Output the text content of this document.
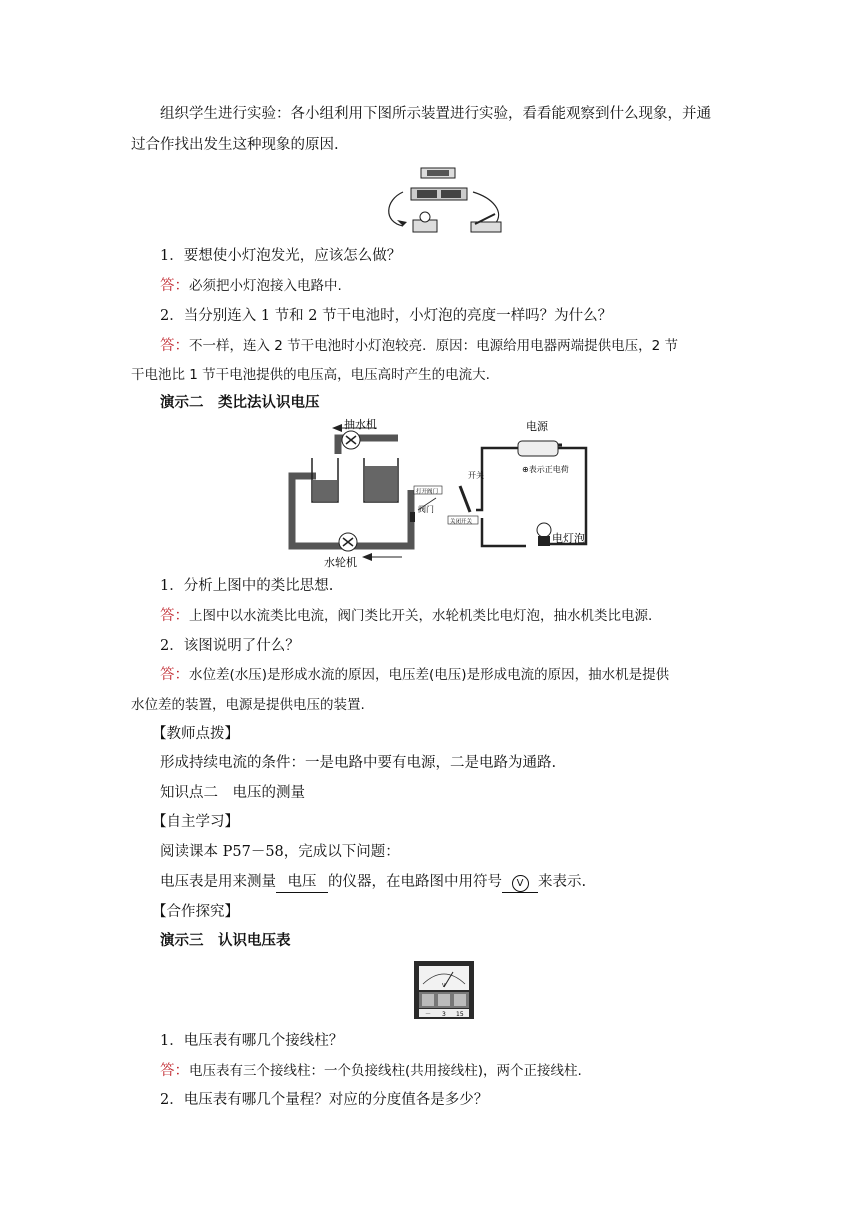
组织学生进行实验：各小组利用下图所示装置进行实验，看看能观察到什么现象，并通
过合作找出发生这种现象的原因.
1．要想使小灯泡发光，应该怎么做？
答：必须把小灯泡接入电路中.
2．当分别连入 1 节和 2 节干电池时，小灯泡的亮度一样吗？为什么？
答：不一样，连入 2 节干电池时小灯泡较亮．原因：电源给用电器两端提供电压，2 节
干电池比 1 节干电池提供的电压高，电压高时产生的电流大.
演示二　类比法认识电压
抽水机
水轮机
阀门
打开阀门
关闭开关
电源
⊕表示正电荷
开关
电灯泡
1．分析上图中的类比思想.
答：上图中以水流类比电流，阀门类比开关，水轮机类比电灯泡，抽水机类比电源.
2．该图说明了什么？
答：水位差(水压)是形成水流的原因，电压差(电压)是形成电流的原因，抽水机是提供
水位差的装置，电源是提供电压的装置.
【教师点拨】
形成持续电流的条件：一是电路中要有电源，二是电路为通路.
知识点二　电压的测量
【自主学习】
阅读课本 P57－58，完成以下问题：
电压表是用来测量 电压 的仪器，在电路图中用符号 V 来表示.
【合作探究】
演示三　认识电压表
V
－ 3 15
1．电压表有哪几个接线柱？
答：电压表有三个接线柱：一个负接线柱(共用接线柱)，两个正接线柱.
2．电压表有哪几个量程？对应的分度值各是多少？
